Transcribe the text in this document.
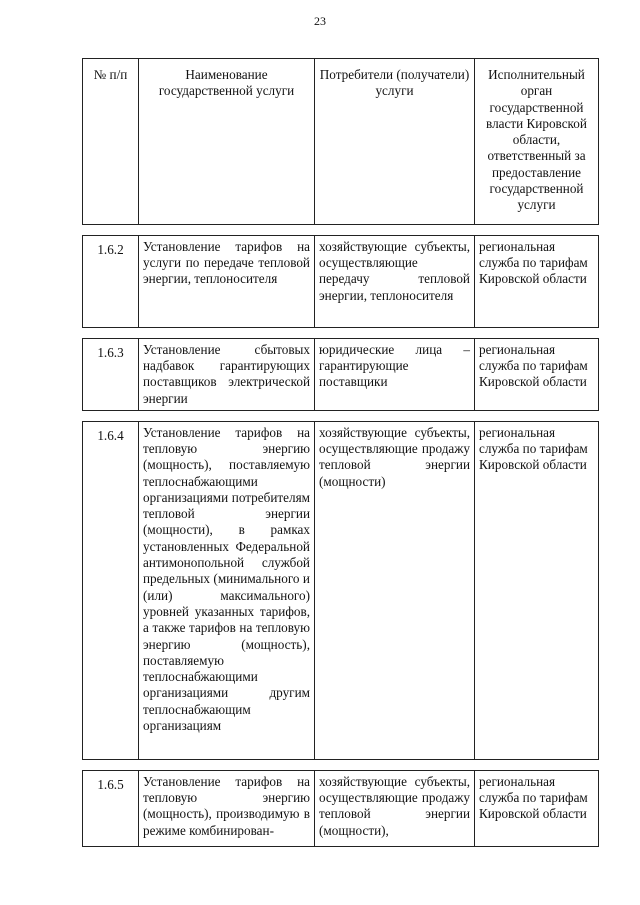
23
№ п/п	Наименование государственной услуги	Потребители (получатели) услуги	Исполнительный орган государственной власти Кировской области, ответственный за предоставление государственной услуги

1.6.2	Установление тарифов на услуги по передаче тепловой энергии, теплоносителя	хозяйствующие субъекты, осуществляющие передачу тепловой энергии, теплоносителя	региональная служба по тарифам Кировской области

1.6.3	Установление сбытовых надбавок гарантирующих поставщиков электрической энергии	юридические лица – гарантирующие поставщики	региональная служба по тарифам Кировской области

1.6.4	Установление тарифов на тепловую энергию (мощность), поставляемую теплоснабжающими организациями потребителям тепловой энергии (мощности), в рамках установленных Федеральной антимонопольной службой предельных (минимального и (или) максимального) уровней указанных тарифов, а также тарифов на тепловую энергию (мощность), поставляемую теплоснабжающими организациями другим теплоснабжающим организациям	хозяйствующие субъекты, осуществляющие продажу тепловой энергии (мощности)	региональная служба по тарифам Кировской области

1.6.5	Установление тарифов на тепловую энергию (мощность), производимую в режиме комбинирован-	хозяйствующие субъекты, осуществляющие продажу тепловой энергии (мощности),	региональная служба по тарифам Кировской области
